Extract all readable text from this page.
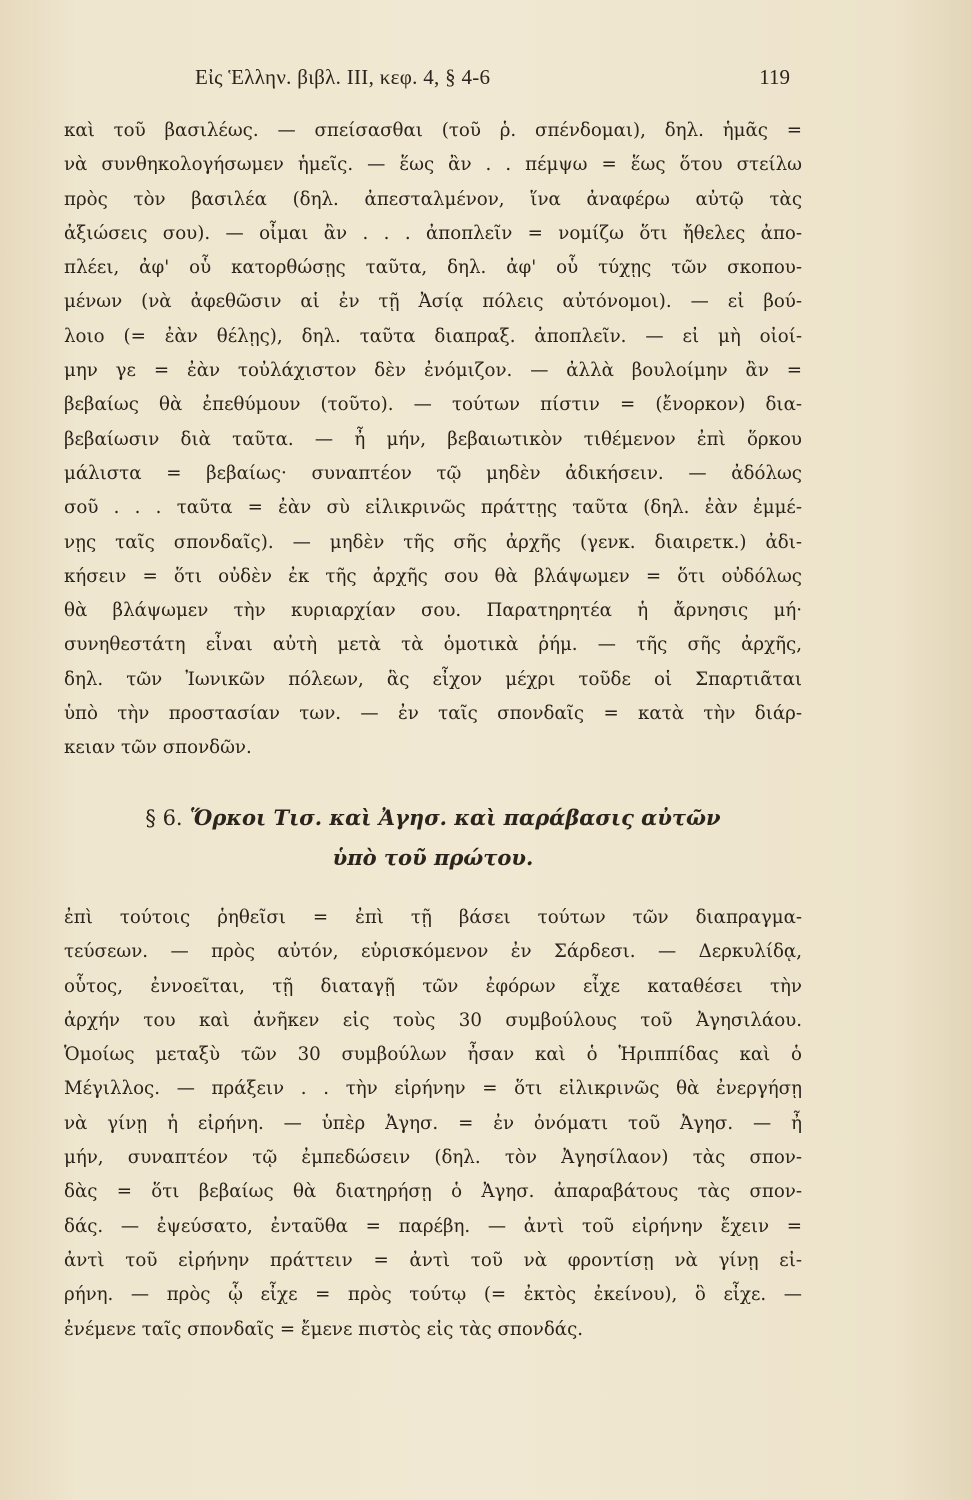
Εἰς Ἑλλην. βιβλ. ΙΙΙ, κεφ. 4, § 4-6	119
καὶ τοῦ βασιλέως. — σπείσασθαι (τοῦ ῥ. σπένδομαι), δηλ. ἡμᾶς =
νὰ συνθηκολογήσωμεν ἡμεῖς. — ἕως ἂν . . πέμψω = ἕως ὅτου στείλω
πρὸς τὸν βασιλέα (δηλ. ἀπεσταλμένον, ἵνα ἀναφέρω αὐτῷ τὰς
ἀξιώσεις σου). — οἶμαι ἂν . . . ἀποπλεῖν = νομίζω ὅτι ἤθελες ἀπο-
πλέει, ἀφ' οὗ κατορθώσῃς ταῦτα, δηλ. ἀφ' οὗ τύχῃς τῶν σκοπου-
μένων (νὰ ἀφεθῶσιν αἱ ἐν τῇ Ἀσίᾳ πόλεις αὐτόνομοι). — εἰ βού-
λοιο (= ἐὰν θέλῃς), δηλ. ταῦτα διαπραξ. ἀποπλεῖν. — εἰ μὴ οἰοί-
μην γε = ἐὰν τοὐλάχιστον δὲν ἐνόμιζον. — ἀλλὰ βουλοίμην ἂν =
βεβαίως θὰ ἐπεθύμουν (τοῦτο). — τούτων πίστιν = (ἔνορκον) δια-
βεβαίωσιν διὰ ταῦτα. — ἦ μήν, βεβαιωτικὸν τιθέμενον ἐπὶ ὅρκου
μάλιστα = βεβαίως· συναπτέον τῷ μηδὲν ἀδικήσειν. — ἀδόλως
σοῦ . . . ταῦτα = ἐὰν σὺ εἰλικρινῶς πράττῃς ταῦτα (δηλ. ἐὰν ἐμμέ-
νῃς ταῖς σπονδαῖς). — μηδὲν τῆς σῆς ἀρχῆς (γενκ. διαιρετκ.) ἀδι-
κήσειν = ὅτι οὐδὲν ἐκ τῆς ἀρχῆς σου θὰ βλάψωμεν = ὅτι οὐδόλως
θὰ βλάψωμεν τὴν κυριαρχίαν σου. Παρατηρητέα ἡ ἄρνησις μή·
συνηθεστάτη εἶναι αὐτὴ μετὰ τὰ ὁμοτικὰ ῥήμ. — τῆς σῆς ἀρχῆς,
δηλ. τῶν Ἰωνικῶν πόλεων, ἃς εἶχον μέχρι τοῦδε οἱ Σπαρτιᾶται
ὑπὸ τὴν προστασίαν των. — ἐν ταῖς σπονδαῖς = κατὰ τὴν διάρ-
κειαν τῶν σπονδῶν.
§ 6. Ὅρκοι Τισ. καὶ Ἀγησ. καὶ παράβασις αὐτῶν
ὑπὸ τοῦ πρώτου.
ἐπὶ τούτοις ῥηθεῖσι = ἐπὶ τῇ βάσει τούτων τῶν διαπραγμα-
τεύσεων. — πρὸς αὐτόν, εὑρισκόμενον ἐν Σάρδεσι. — Δερκυλίδᾳ,
οὗτος, ἐννοεῖται, τῇ διαταγῇ τῶν ἐφόρων εἶχε καταθέσει τὴν
ἀρχήν του καὶ ἀνῆκεν εἰς τοὺς 30 συμβούλους τοῦ Ἀγησιλάου.
Ὁμοίως μεταξὺ τῶν 30 συμβούλων ἦσαν καὶ ὁ Ἡριππίδας καὶ ὁ
Μέγιλλος. — πράξειν . . τὴν εἰρήνην = ὅτι εἰλικρινῶς θὰ ἐνεργήσῃ
νὰ γίνῃ ἡ εἰρήνη. — ὑπὲρ Ἀγησ. = ἐν ὀνόματι τοῦ Ἀγησ. — ἦ
μήν, συναπτέον τῷ ἐμπεδώσειν (δηλ. τὸν Ἀγησίλαον) τὰς σπον-
δὰς = ὅτι βεβαίως θὰ διατηρήσῃ ὁ Ἀγησ. ἀπαραβάτους τὰς σπον-
δάς. — ἐψεύσατο, ἐνταῦθα = παρέβη. — ἀντὶ τοῦ εἰρήνην ἔχειν =
ἀντὶ τοῦ εἰρήνην πράττειν = ἀντὶ τοῦ νὰ φροντίσῃ νὰ γίνῃ εἰ-
ρήνη. — πρὸς ᾧ εἶχε = πρὸς τούτῳ (= ἐκτὸς ἐκείνου), ὃ εἶχε. —
ἐνέμενε ταῖς σπονδαῖς = ἔμενε πιστὸς εἰς τὰς σπονδάς.
